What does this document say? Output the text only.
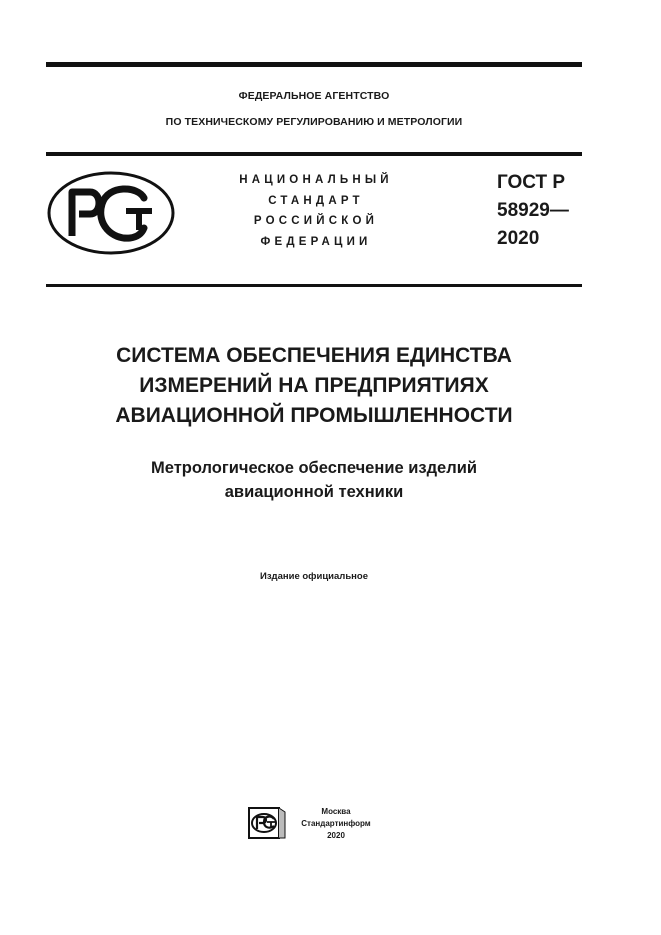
ФЕДЕРАЛЬНОЕ АГЕНТСТВО
ПО ТЕХНИЧЕСКОМУ РЕГУЛИРОВАНИЮ И МЕТРОЛОГИИ
НАЦИОНАЛЬНЫЙ
СТАНДАРТ
РОССИЙСКОЙ
ФЕДЕРАЦИИ
ГОСТ Р
58929—
2020
СИСТЕМА ОБЕСПЕЧЕНИЯ ЕДИНСТВА
ИЗМЕРЕНИЙ НА ПРЕДПРИЯТИЯХ
АВИАЦИОННОЙ ПРОМЫШЛЕННОСТИ
Метрологическое обеспечение изделий
авиационной техники
Издание официальное
Москва
Стандартинформ
2020
